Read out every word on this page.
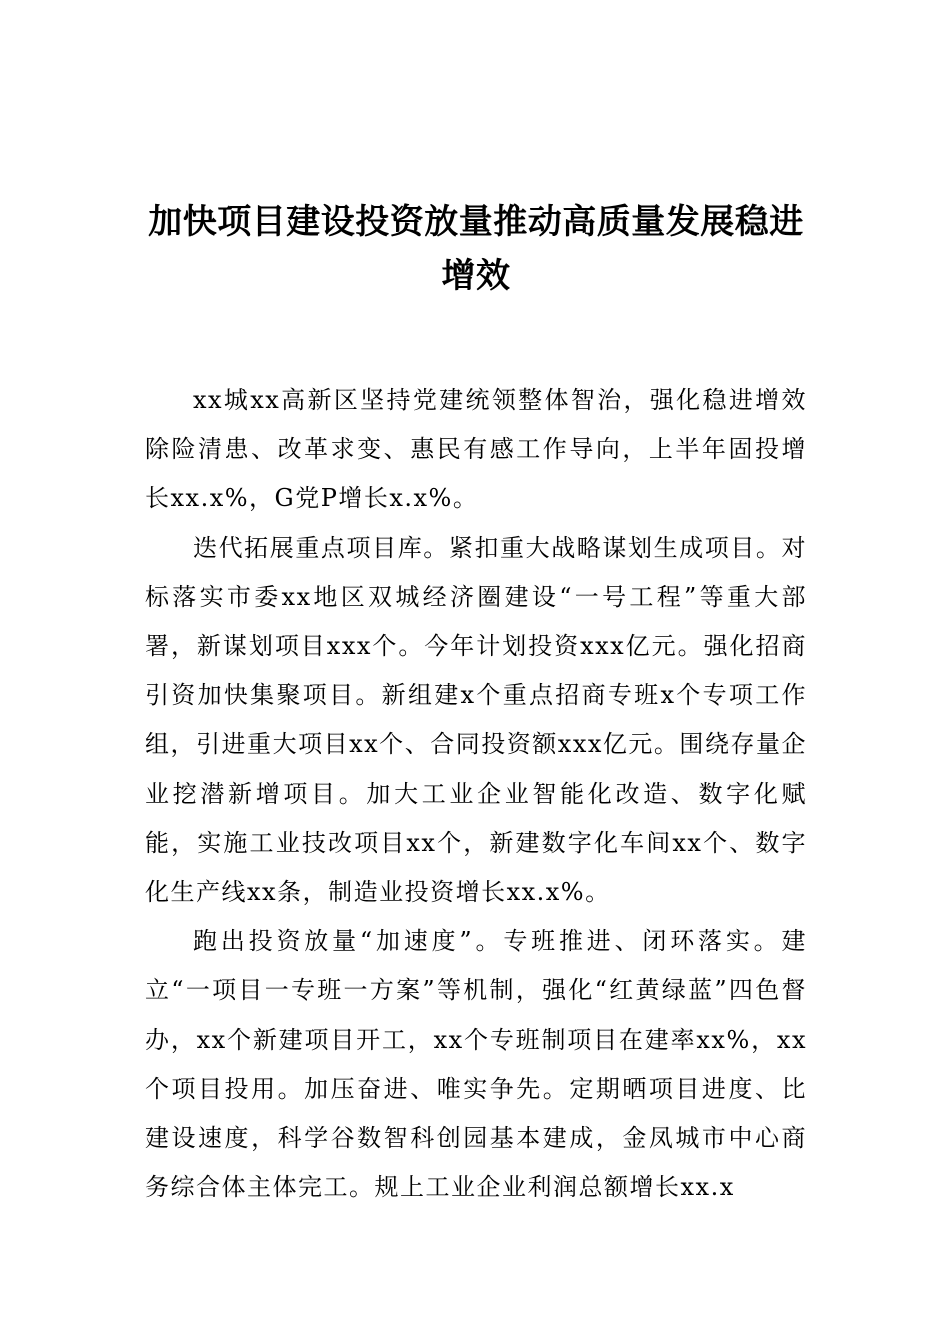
加快项目建设投资放量推动高质量发展稳进增效

xx城xx高新区坚持党建统领整体智治，强化稳进增效除险清患、改革求变、惠民有感工作导向，上半年固投增长xx.x%，G党P增长x.x%。

迭代拓展重点项目库。紧扣重大战略谋划生成项目。对标落实市委xx地区双城经济圈建设“一号工程”等重大部署，新谋划项目xxx个。今年计划投资xxx亿元。强化招商引资加快集聚项目。新组建x个重点招商专班x个专项工作组，引进重大项目xx个、合同投资额xxx亿元。围绕存量企业挖潜新增项目。加大工业企业智能化改造、数字化赋能，实施工业技改项目xx个，新建数字化车间xx个、数字化生产线xx条，制造业投资增长xx.x%。

跑出投资放量“加速度”。专班推进、闭环落实。建立“一项目一专班一方案”等机制，强化“红黄绿蓝”四色督办，xx个新建项目开工，xx个专班制项目在建率xx%，xx个项目投用。加压奋进、唯实争先。定期晒项目进度、比建设速度，科学谷数智科创园基本建成，金凤城市中心商务综合体主体完工。规上工业企业利润总额增长xx.x
